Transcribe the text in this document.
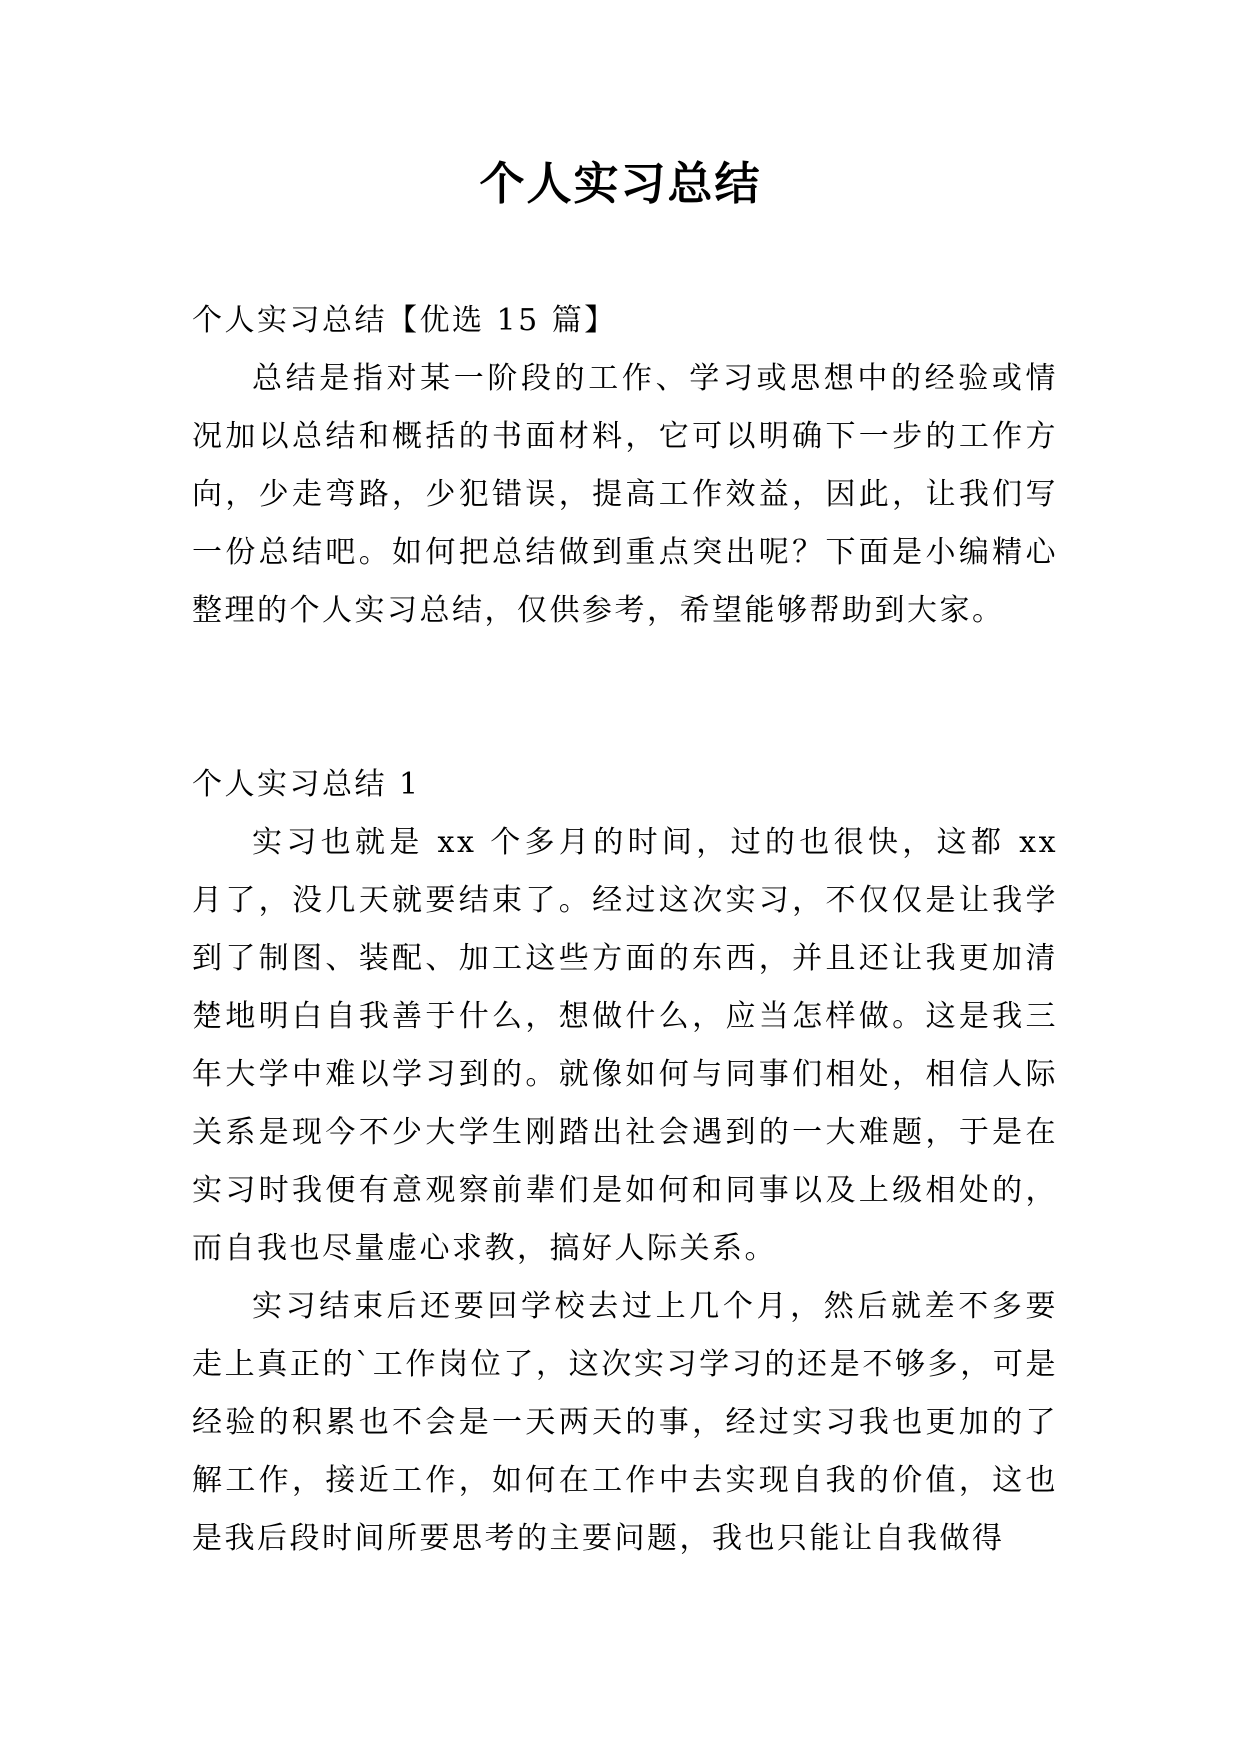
个人实习总结

个人实习总结【优选 15 篇】

总结是指对某一阶段的工作、学习或思想中的经验或情况加以总结和概括的书面材料，它可以明确下一步的工作方向，少走弯路，少犯错误，提高工作效益，因此，让我们写一份总结吧。如何把总结做到重点突出呢？下面是小编精心整理的个人实习总结，仅供参考，希望能够帮助到大家。

个人实习总结 1

实习也就是 xx 个多月的时间，过的也很快，这都 xx 月了，没几天就要结束了。经过这次实习，不仅仅是让我学到了制图、装配、加工这些方面的东西，并且还让我更加清楚地明白自我善于什么，想做什么，应当怎样做。这是我三年大学中难以学习到的。就像如何与同事们相处，相信人际关系是现今不少大学生刚踏出社会遇到的一大难题，于是在实习时我便有意观察前辈们是如何和同事以及上级相处的，而自我也尽量虚心求教，搞好人际关系。

实习结束后还要回学校去过上几个月，然后就差不多要走上真正的`工作岗位了，这次实习学习的还是不够多，可是经验的积累也不会是一天两天的事，经过实习我也更加的了解工作，接近工作，如何在工作中去实现自我的价值，这也是我后段时间所要思考的主要问题，我也只能让自我做得
